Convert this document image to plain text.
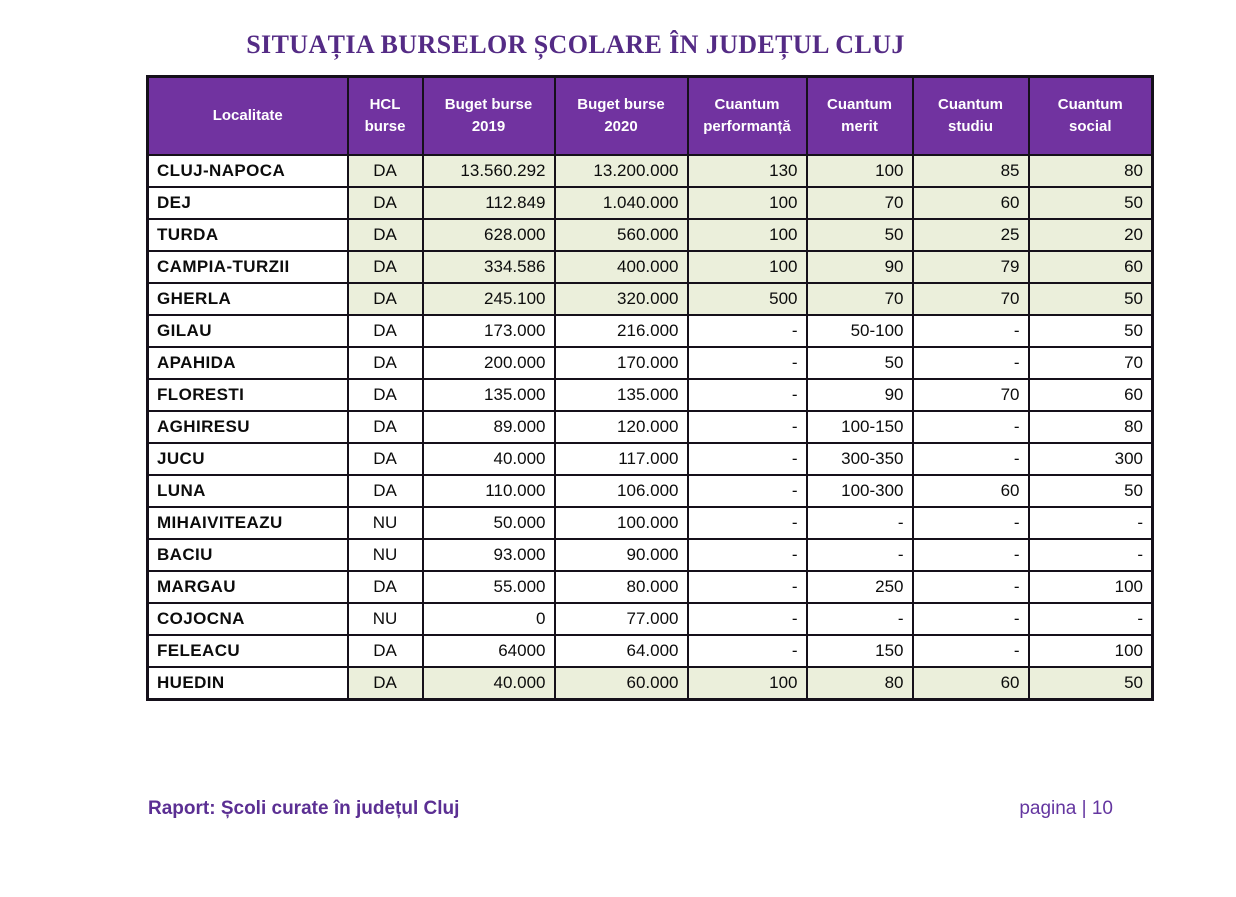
SITUAȚIA BURSELOR ȘCOLARE ÎN JUDEȚUL CLUJ
Localitate	HCL burse	Buget burse 2019	Buget burse 2020	Cuantum performanță	Cuantum merit	Cuantum studiu	Cuantum social
CLUJ-NAPOCA	DA	13.560.292	13.200.000	130	100	85	80
DEJ	DA	112.849	1.040.000	100	70	60	50
TURDA	DA	628.000	560.000	100	50	25	20
CAMPIA-TURZII	DA	334.586	400.000	100	90	79	60
GHERLA	DA	245.100	320.000	500	70	70	50
GILAU	DA	173.000	216.000	-	50-100	-	50
APAHIDA	DA	200.000	170.000	-	50	-	70
FLORESTI	DA	135.000	135.000	-	90	70	60
AGHIRESU	DA	89.000	120.000	-	100-150	-	80
JUCU	DA	40.000	117.000	-	300-350	-	300
LUNA	DA	110.000	106.000	-	100-300	60	50
MIHAIVITEAZU	NU	50.000	100.000	-	-	-	-
BACIU	NU	93.000	90.000	-	-	-	-
MARGAU	DA	55.000	80.000	-	250	-	100
COJOCNA	NU	0	77.000	-	-	-	-
FELEACU	DA	64000	64.000	-	150	-	100
HUEDIN	DA	40.000	60.000	100	80	60	50
Raport: Școli curate în județul Cluj	pagina | 10
